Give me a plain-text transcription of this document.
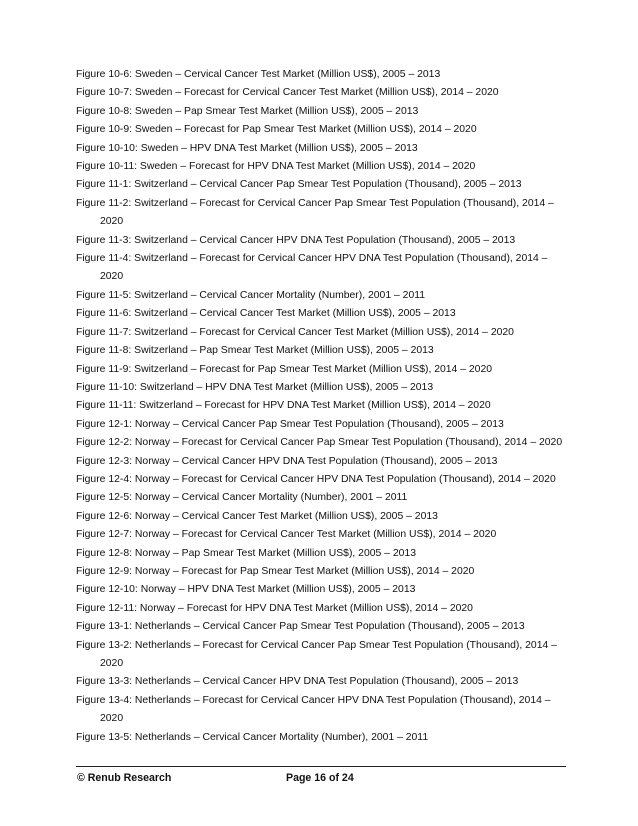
Figure 10-6: Sweden – Cervical Cancer Test Market (Million US$), 2005 – 2013
Figure 10-7: Sweden – Forecast for Cervical Cancer Test Market (Million US$), 2014 – 2020
Figure 10-8: Sweden – Pap Smear Test Market (Million US$), 2005 – 2013
Figure 10-9: Sweden – Forecast for Pap Smear Test Market (Million US$), 2014 – 2020
Figure 10-10: Sweden – HPV DNA Test Market (Million US$), 2005 – 2013
Figure 10-11: Sweden – Forecast for HPV DNA Test Market (Million US$), 2014 – 2020
Figure 11-1: Switzerland – Cervical Cancer Pap Smear Test Population (Thousand), 2005 – 2013
Figure 11-2: Switzerland – Forecast for Cervical Cancer Pap Smear Test Population (Thousand), 2014 –
2020
Figure 11-3: Switzerland – Cervical Cancer HPV DNA Test Population (Thousand), 2005 – 2013
Figure 11-4: Switzerland – Forecast for Cervical Cancer HPV DNA Test Population (Thousand), 2014 –
2020
Figure 11-5: Switzerland – Cervical Cancer Mortality (Number), 2001 – 2011
Figure 11-6: Switzerland – Cervical Cancer Test Market (Million US$), 2005 – 2013
Figure 11-7: Switzerland – Forecast for Cervical Cancer Test Market (Million US$), 2014 – 2020
Figure 11-8: Switzerland – Pap Smear Test Market (Million US$), 2005 – 2013
Figure 11-9: Switzerland – Forecast for Pap Smear Test Market (Million US$), 2014 – 2020
Figure 11-10: Switzerland – HPV DNA Test Market (Million US$), 2005 – 2013
Figure 11-11: Switzerland – Forecast for HPV DNA Test Market (Million US$), 2014 – 2020
Figure 12-1: Norway – Cervical Cancer Pap Smear Test Population (Thousand), 2005 – 2013
Figure 12-2: Norway – Forecast for Cervical Cancer Pap Smear Test Population (Thousand), 2014 – 2020
Figure 12-3: Norway – Cervical Cancer HPV DNA Test Population (Thousand), 2005 – 2013
Figure 12-4: Norway – Forecast for Cervical Cancer HPV DNA Test Population (Thousand), 2014 – 2020
Figure 12-5: Norway – Cervical Cancer Mortality (Number), 2001 – 2011
Figure 12-6: Norway – Cervical Cancer Test Market (Million US$), 2005 – 2013
Figure 12-7: Norway – Forecast for Cervical Cancer Test Market (Million US$), 2014 – 2020
Figure 12-8: Norway – Pap Smear Test Market (Million US$), 2005 – 2013
Figure 12-9: Norway – Forecast for Pap Smear Test Market (Million US$), 2014 – 2020
Figure 12-10: Norway – HPV DNA Test Market (Million US$), 2005 – 2013
Figure 12-11: Norway – Forecast for HPV DNA Test Market (Million US$), 2014 – 2020
Figure 13-1: Netherlands – Cervical Cancer Pap Smear Test Population (Thousand), 2005 – 2013
Figure 13-2: Netherlands – Forecast for Cervical Cancer Pap Smear Test Population (Thousand), 2014 –
2020
Figure 13-3: Netherlands – Cervical Cancer HPV DNA Test Population (Thousand), 2005 – 2013
Figure 13-4: Netherlands – Forecast for Cervical Cancer HPV DNA Test Population (Thousand), 2014 –
2020
Figure 13-5: Netherlands – Cervical Cancer Mortality (Number), 2001 – 2011
© Renub Research	Page 16 of 24
